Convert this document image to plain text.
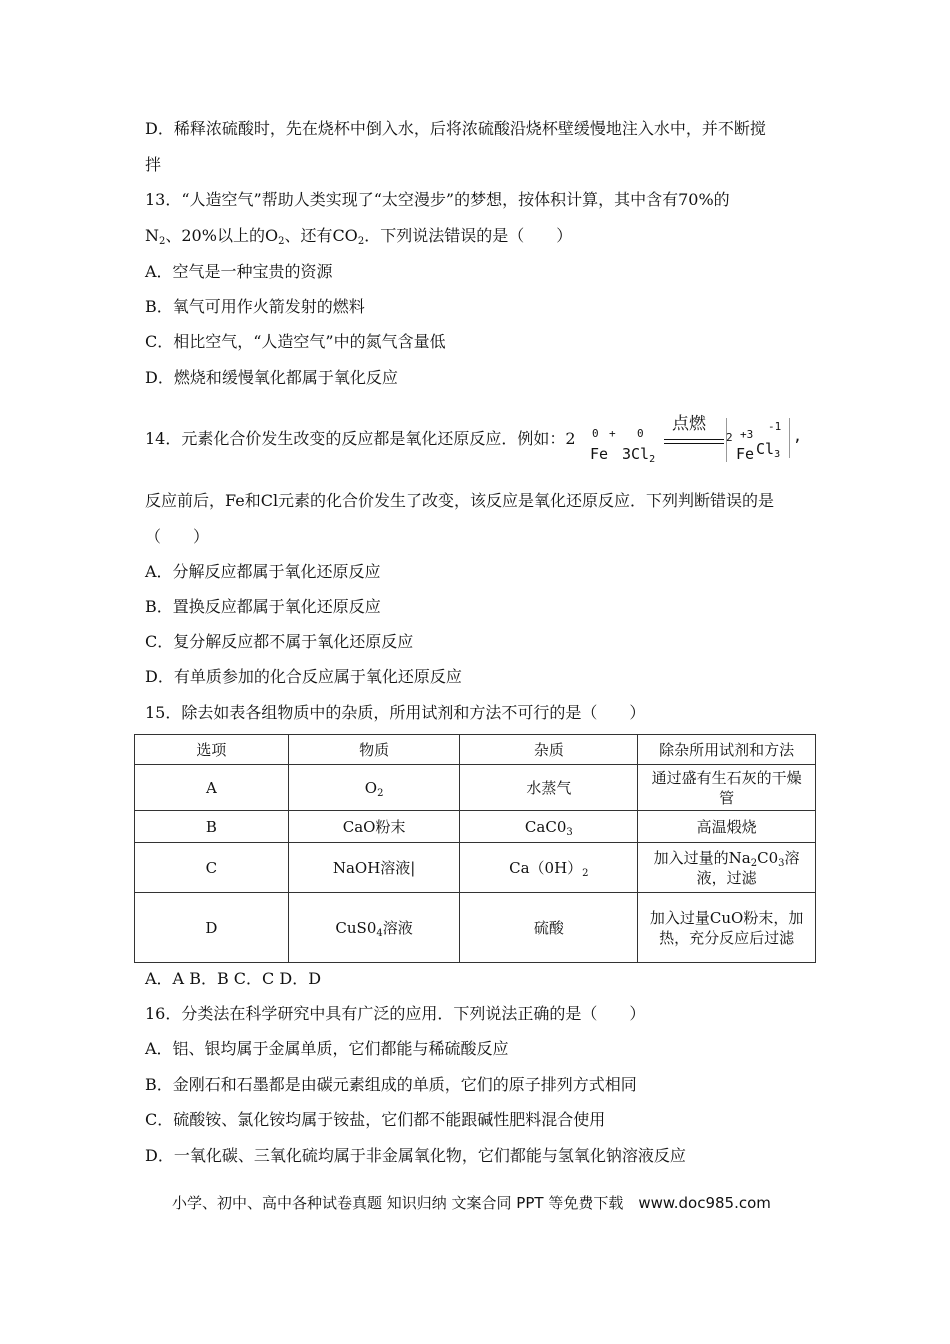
D．稀释浓硫酸时，先在烧杯中倒入水，后将浓硫酸沿烧杯壁缓慢地注入水中，并不断搅
拌
13．“人造空气”帮助人类实现了“太空漫步”的梦想，按体积计算，其中含有70%的
$N_2$、20%以上的$O_2$、还有$CO_2$．下列说法错误的是（　　）
A．空气是一种宝贵的资源
B．氧气可用作火箭发射的燃料
C．相比空气，“人造空气”中的氮气含量低
D．燃烧和缓慢氧化都属于氧化反应
14．元素化合价发生改变的反应都是氧化还原反应．例如：2 0 + 0
Fe $3Cl_2$
点燃
2 +3
Fe
-1
$Cl_3$
,
反应前后，Fe和Cl元素的化合价发生了改变，该反应是氧化还原反应．下列判断错误的是
（　　）
A．分解反应都属于氧化还原反应
B．置换反应都属于氧化还原反应
C．复分解反应都不属于氧化还原反应
D．有单质参加的化合反应属于氧化还原反应
15．除去如表各组物质中的杂质，所用试剂和方法不可行的是（　　）
选项	物质	杂质	除杂所用试剂和方法
A	$O_2$	水蒸气	通过盛有生石灰的干燥管
B	CaO粉末	$CaC0_3$	高温煅烧
C	NaOH溶液|	$Ca(0H)_2$	加入过量的$Na_2C0_3$溶液，过滤
D	$CuS0_4$溶液	硫酸	加入过量CuO粉末，加热，充分反应后过滤
A．A B．B C．C D．D
16．分类法在科学研究中具有广泛的应用．下列说法正确的是（　　）
A．铝、银均属于金属单质，它们都能与稀硫酸反应
B．金刚石和石墨都是由碳元素组成的单质，它们的原子排列方式相同
C．硫酸铵、氯化铵均属于铵盐，它们都不能跟碱性肥料混合使用
D．一氧化碳、三氧化硫均属于非金属氧化物，它们都能与氢氧化钠溶液反应
小学、初中、高中各种试卷真题 知识归纳 文案合同 PPT 等免费下载　www.doc985.com
